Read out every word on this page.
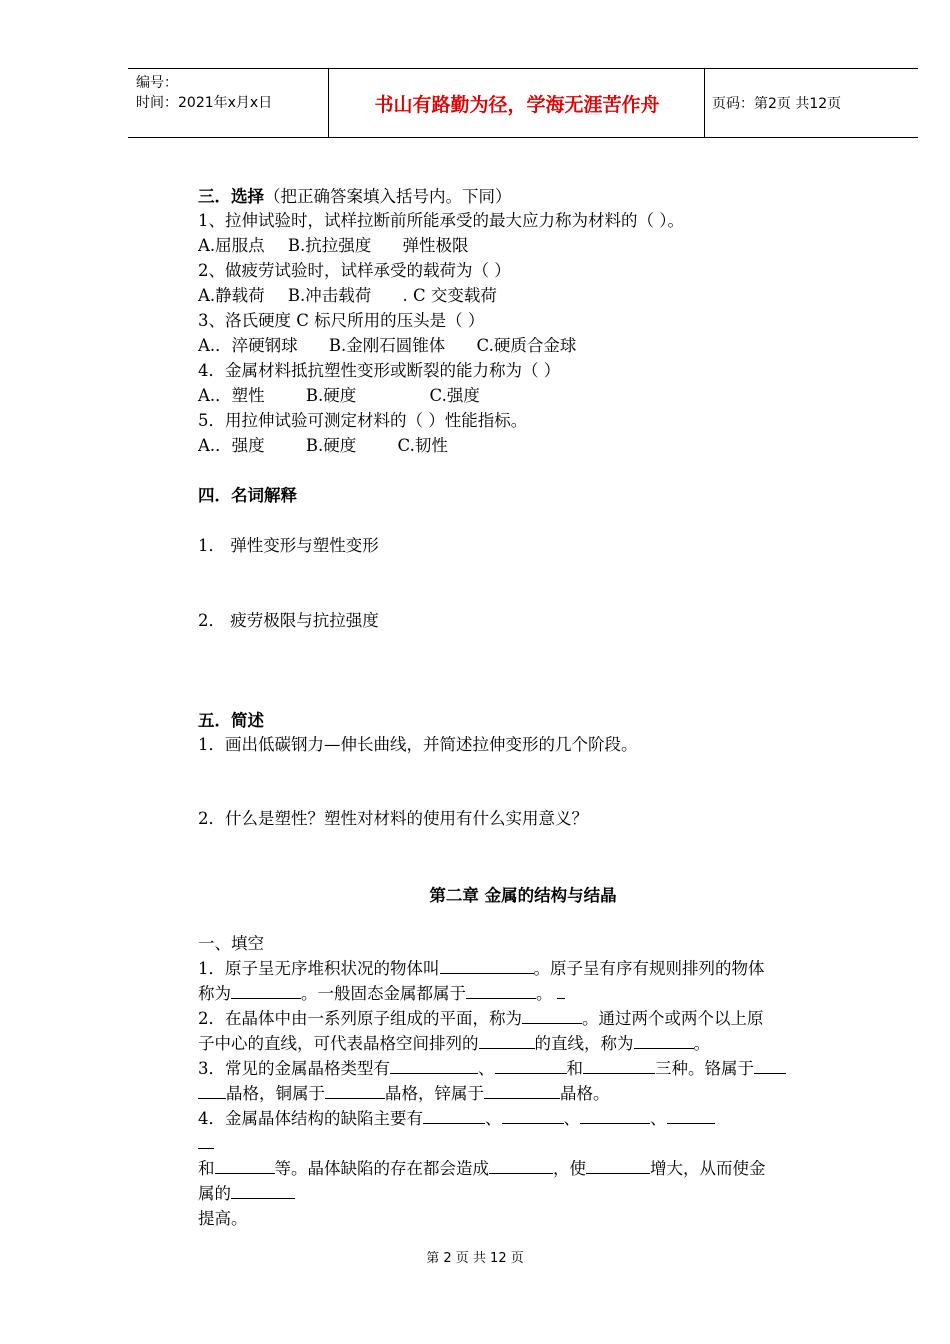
编号：
时间：2021年x月x日	书山有路勤为径，学海无涯苦作舟	页码：第2页 共12页
三．选择（把正确答案填入括号内。下同）
1、拉伸试验时，试样拉断前所能承受的最大应力称为材料的（ ）。
A.屈服点 B.抗拉强度 弹性极限
2、做疲劳试验时，试样承受的载荷为（ ）
A.静载荷 B.冲击载荷 . C 交变载荷
3、洛氏硬度 C 标尺所用的压头是（ ）
A.．淬硬钢球 B.金刚石圆锥体 C.硬质合金球
4．金属材料抵抗塑性变形或断裂的能力称为（ ）
A.．塑性	B.硬度	C.强度
5．用拉伸试验可测定材料的（ ）性能指标。
A.．强度	B.硬度	C.韧性
四．名词解释
1． 弹性变形与塑性变形
2． 疲劳极限与抗拉强度
五．简述
1．画出低碳钢力—伸长曲线，并简述拉伸变形的几个阶段。
2．什么是塑性？塑性对材料的使用有什么实用意义？
第二章 金属的结构与结晶
一、填空
1．原子呈无序堆积状况的物体叫	。原子呈有序有规则排列的物体
称为	。一般固态金属都属于	。
2．在晶体中由一系列原子组成的平面，称为	。通过两个或两个以上原
子中心的直线，可代表晶格空间排列的	的直线，称为	。
3．常见的金属晶格类型有	、	和	三种。铬属于
晶格，铜属于	晶格，锌属于	晶格。
4．金属晶体结构的缺陷主要有	、	、	、
和	等。晶体缺陷的存在都会造成	，使	增大，从而使金
属的
提高。
第 2 页 共 12 页
